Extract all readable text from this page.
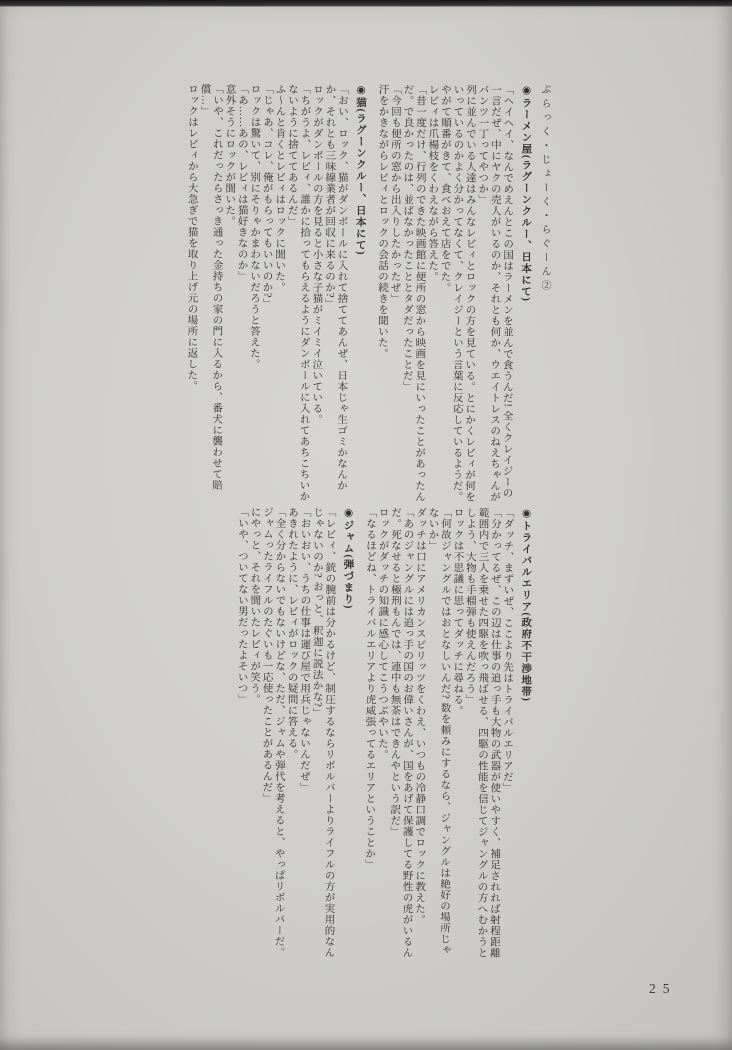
ぶらっく・じょーく・らぐーん②
◉ラーメン屋(ラグーンクルー、日本にて)

「ヘイヘイ、なんでめえんとこの国はラーメンを並んで食うんだ! 全くクレイジーの一言だぜ、中にヤクの売人がいるのか、それとも何か、ウエイトレスのねえちゃんがパンツ一丁ってやつか」

列に並んでいる人達はみんなレビィとロックの方を見ている。とにかくレビィが何をいっているのかよく分かってなくて、クレイジーという言葉に反応しているようだ。やがて順番がきて、食べおえて店をでた。

レビィは爪楊枝をくわえながら答えた。

「昔一度だけ、行列のできた映画館に便所の窓から映画を見にいったことがあったんだ。で良かったのは、並ばなかったこととタダだったことだ」

「今回も便所の窓から出入りしたかったぜ」

汗をかきながらレビィとロックの会話の続きを聞いた。

◉猫(ラグーンクルー、日本にて)

「おい、ロック、猫がダンボールに入れて捨ててあんぜ、日本じゃ生ゴミかなんかか、それとも三味線業者が回収に来るのか?」

ロックがダンボールの方を見ると小さな子猫がミイミイ泣いている。

「ちがうよ、レビィ、誰かに拾ってもらえるようにダンボールに入れてあちこちいかないように捨ててあるんだ」

ふ〜んと肯くとレビィはロックに聞いた。

「じゃあ、コレ、俺がもらってもいいのか?」

ロックは驚いて、別にそりゃかまわないだろうと答えた。

「あ……あの、レビィは猫好きなのか」

意外そうにロックが聞いた。

「いや、これだったらさっき通った金持ちの家の門に入るから、番犬に襲わせて賠償…」

ロックはレビィから大急ぎで猫を取り上げ元の場所に返した。

◉トライバルエリア(政府不干渉地帯)

「ダッチ、まずいぜ、ここより先はトライバルエリアだ」

「分かってるぜ、この辺は仕事の追っ手も大物の武器が使いやすく、補足されれば射程距離範囲内で三人を乗せた四駆を吹っ飛ばせる、四駆の性能を信じてジャングルの方へむかうとしよう、大物も手榴弾も使えんだろう」

ロックは不思議に思ってダッチに尋ねる。

「何故ジャングルではおとなしいんだ? 数を頼みにするなら、ジャングルは絶好の場所じゃないか」

ダッチは口にアメリカンスピリッツをくわえ、いつもの冷静口調でロックに教えた。

「あのジャングルには追っ手の国のお偉いさんが、国をあげて保護してる野性の虎がいるんだ。死なせると極刑もんでは、連中も無茶はできんやという訳だ」

ロックがダッチの知識に感心してこうつぶやいた。

「なるほどね、トライバルエリアより虎威張ってるエリアということか」

◉ジャム(弾づまり)

「レビィ、銃の腕前は分かるけど、制圧するならリボルバーよりライフルの方が実用的なんじゃないのか? おっと、釈迦に説法かな?」

「おいおい、うちの仕事は運び屋で用兵じゃないんだぜ」

あきれたように、レビィがロックの疑問に答える。

「全く分からないでもないけどな、ただ、ジャムや弾代を考えると、やっぱリボルバーだ。ジャムったライフルのたぐいも一応使ったことがあるんだ」

にやっと、それを聞いたレビィが笑う。

「いや、ついてない男だったよそいつ」

25
